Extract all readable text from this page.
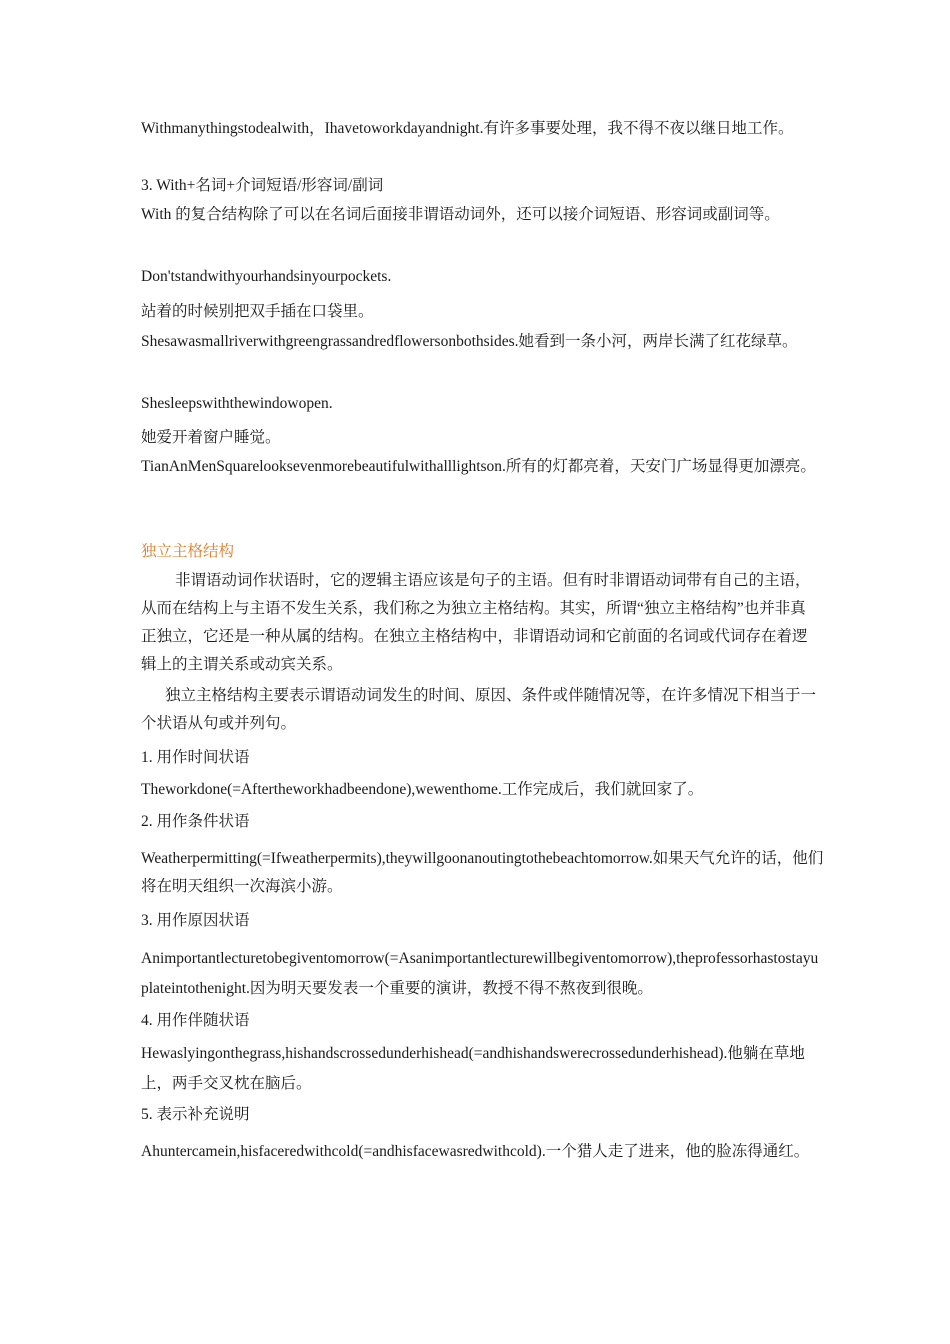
Withmanythingstodealwith，Ihavetoworkdayandnight.有许多事要处理，我不得不夜以继日地工作。

3. With+名词+介词短语/形容词/副词

With 的复合结构除了可以在名词后面接非谓语动词外，还可以接介词短语、形容词或副词等。

Don'tstandwithyourhandsinyourpockets.

站着的时候别把双手插在口袋里。

Shesawasmallriverwithgreengrassandredflowersonbothsides.她看到一条小河，两岸长满了红花绿草。

Shesleepswiththewindowopen.

她爱开着窗户睡觉。

TianAnMenSquarelooksevenmorebeautifulwithalllightson.所有的灯都亮着，天安门广场显得更加漂亮。

独立主格结构

非谓语动词作状语时，它的逻辑主语应该是句子的主语。但有时非谓语动词带有自己的主语，从而在结构上与主语不发生关系，我们称之为独立主格结构。其实，所谓“独立主格结构”也并非真正独立，它还是一种从属的结构。在独立主格结构中，非谓语动词和它前面的名词或代词存在着逻辑上的主谓关系或动宾关系。

独立主格结构主要表示谓语动词发生的时间、原因、条件或伴随情况等，在许多情况下相当于一个状语从句或并列句。

1. 用作时间状语

Theworkdone(=Aftertheworkhadbeendone),wewenthome.工作完成后，我们就回家了。

2. 用作条件状语

Weatherpermitting(=Ifweatherpermits),theywillgoonanoutingtothebeachtomorrow.如果天气允许的话，他们将在明天组织一次海滨小游。

3. 用作原因状语

Animportantlecturetobegiventomorrow(=Asanimportantlecturewillbegiventomorrow),theprofessorhastostayuplateintothenight.因为明天要发表一个重要的演讲，教授不得不熬夜到很晚。

4. 用作伴随状语

Hewaslyingonthegrass,hishandscrossedunderhishead(=andhishandswerecrossedunderhishead).他躺在草地上，两手交叉枕在脑后。

5. 表示补充说明

Ahuntercamein,hisfaceredwithcold(=andhisfacewasredwithcold).一个猎人走了进来，他的脸冻得通红。
